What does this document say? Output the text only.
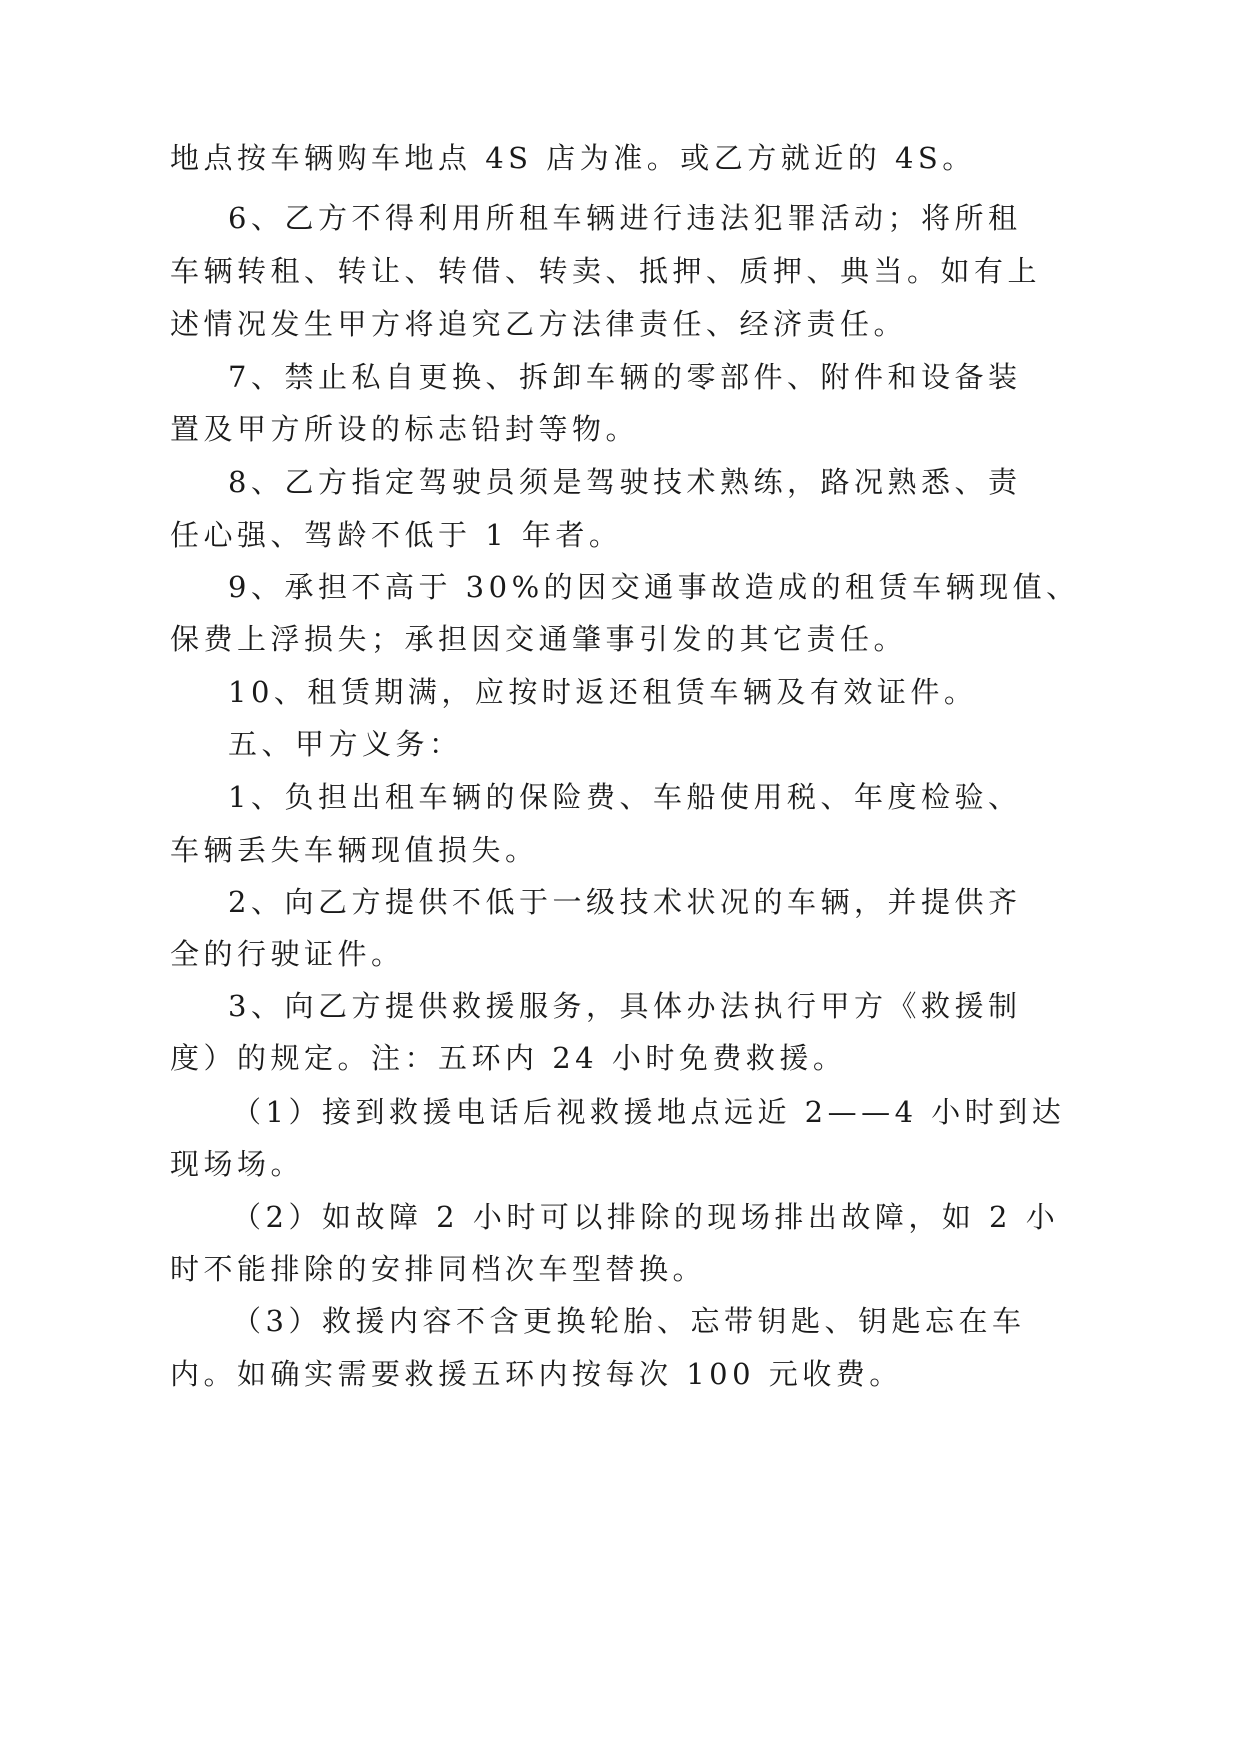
地点按车辆购车地点 4S 店为准。或乙方就近的 4S。
6、乙方不得利用所租车辆进行违法犯罪活动；将所租
车辆转租、转让、转借、转卖、抵押、质押、典当。如有上
述情况发生甲方将追究乙方法律责任、经济责任。
7、禁止私自更换、拆卸车辆的零部件、附件和设备装
置及甲方所设的标志铅封等物。
8、乙方指定驾驶员须是驾驶技术熟练，路况熟悉、责
任心强、驾龄不低于 1 年者。
9、承担不高于 30%的因交通事故造成的租赁车辆现值、
保费上浮损失；承担因交通肇事引发的其它责任。
10、租赁期满，应按时返还租赁车辆及有效证件。
五、甲方义务：
1、负担出租车辆的保险费、车船使用税、年度检验、
车辆丢失车辆现值损失。
2、向乙方提供不低于一级技术状况的车辆，并提供齐
全的行驶证件。
3、向乙方提供救援服务，具体办法执行甲方《救援制
度）的规定。注：五环内 24 小时免费救援。
（1）接到救援电话后视救援地点远近 2——4 小时到达
现场场。
（2）如故障 2 小时可以排除的现场排出故障，如 2 小
时不能排除的安排同档次车型替换。
（3）救援内容不含更换轮胎、忘带钥匙、钥匙忘在车
内。如确实需要救援五环内按每次 100 元收费。
